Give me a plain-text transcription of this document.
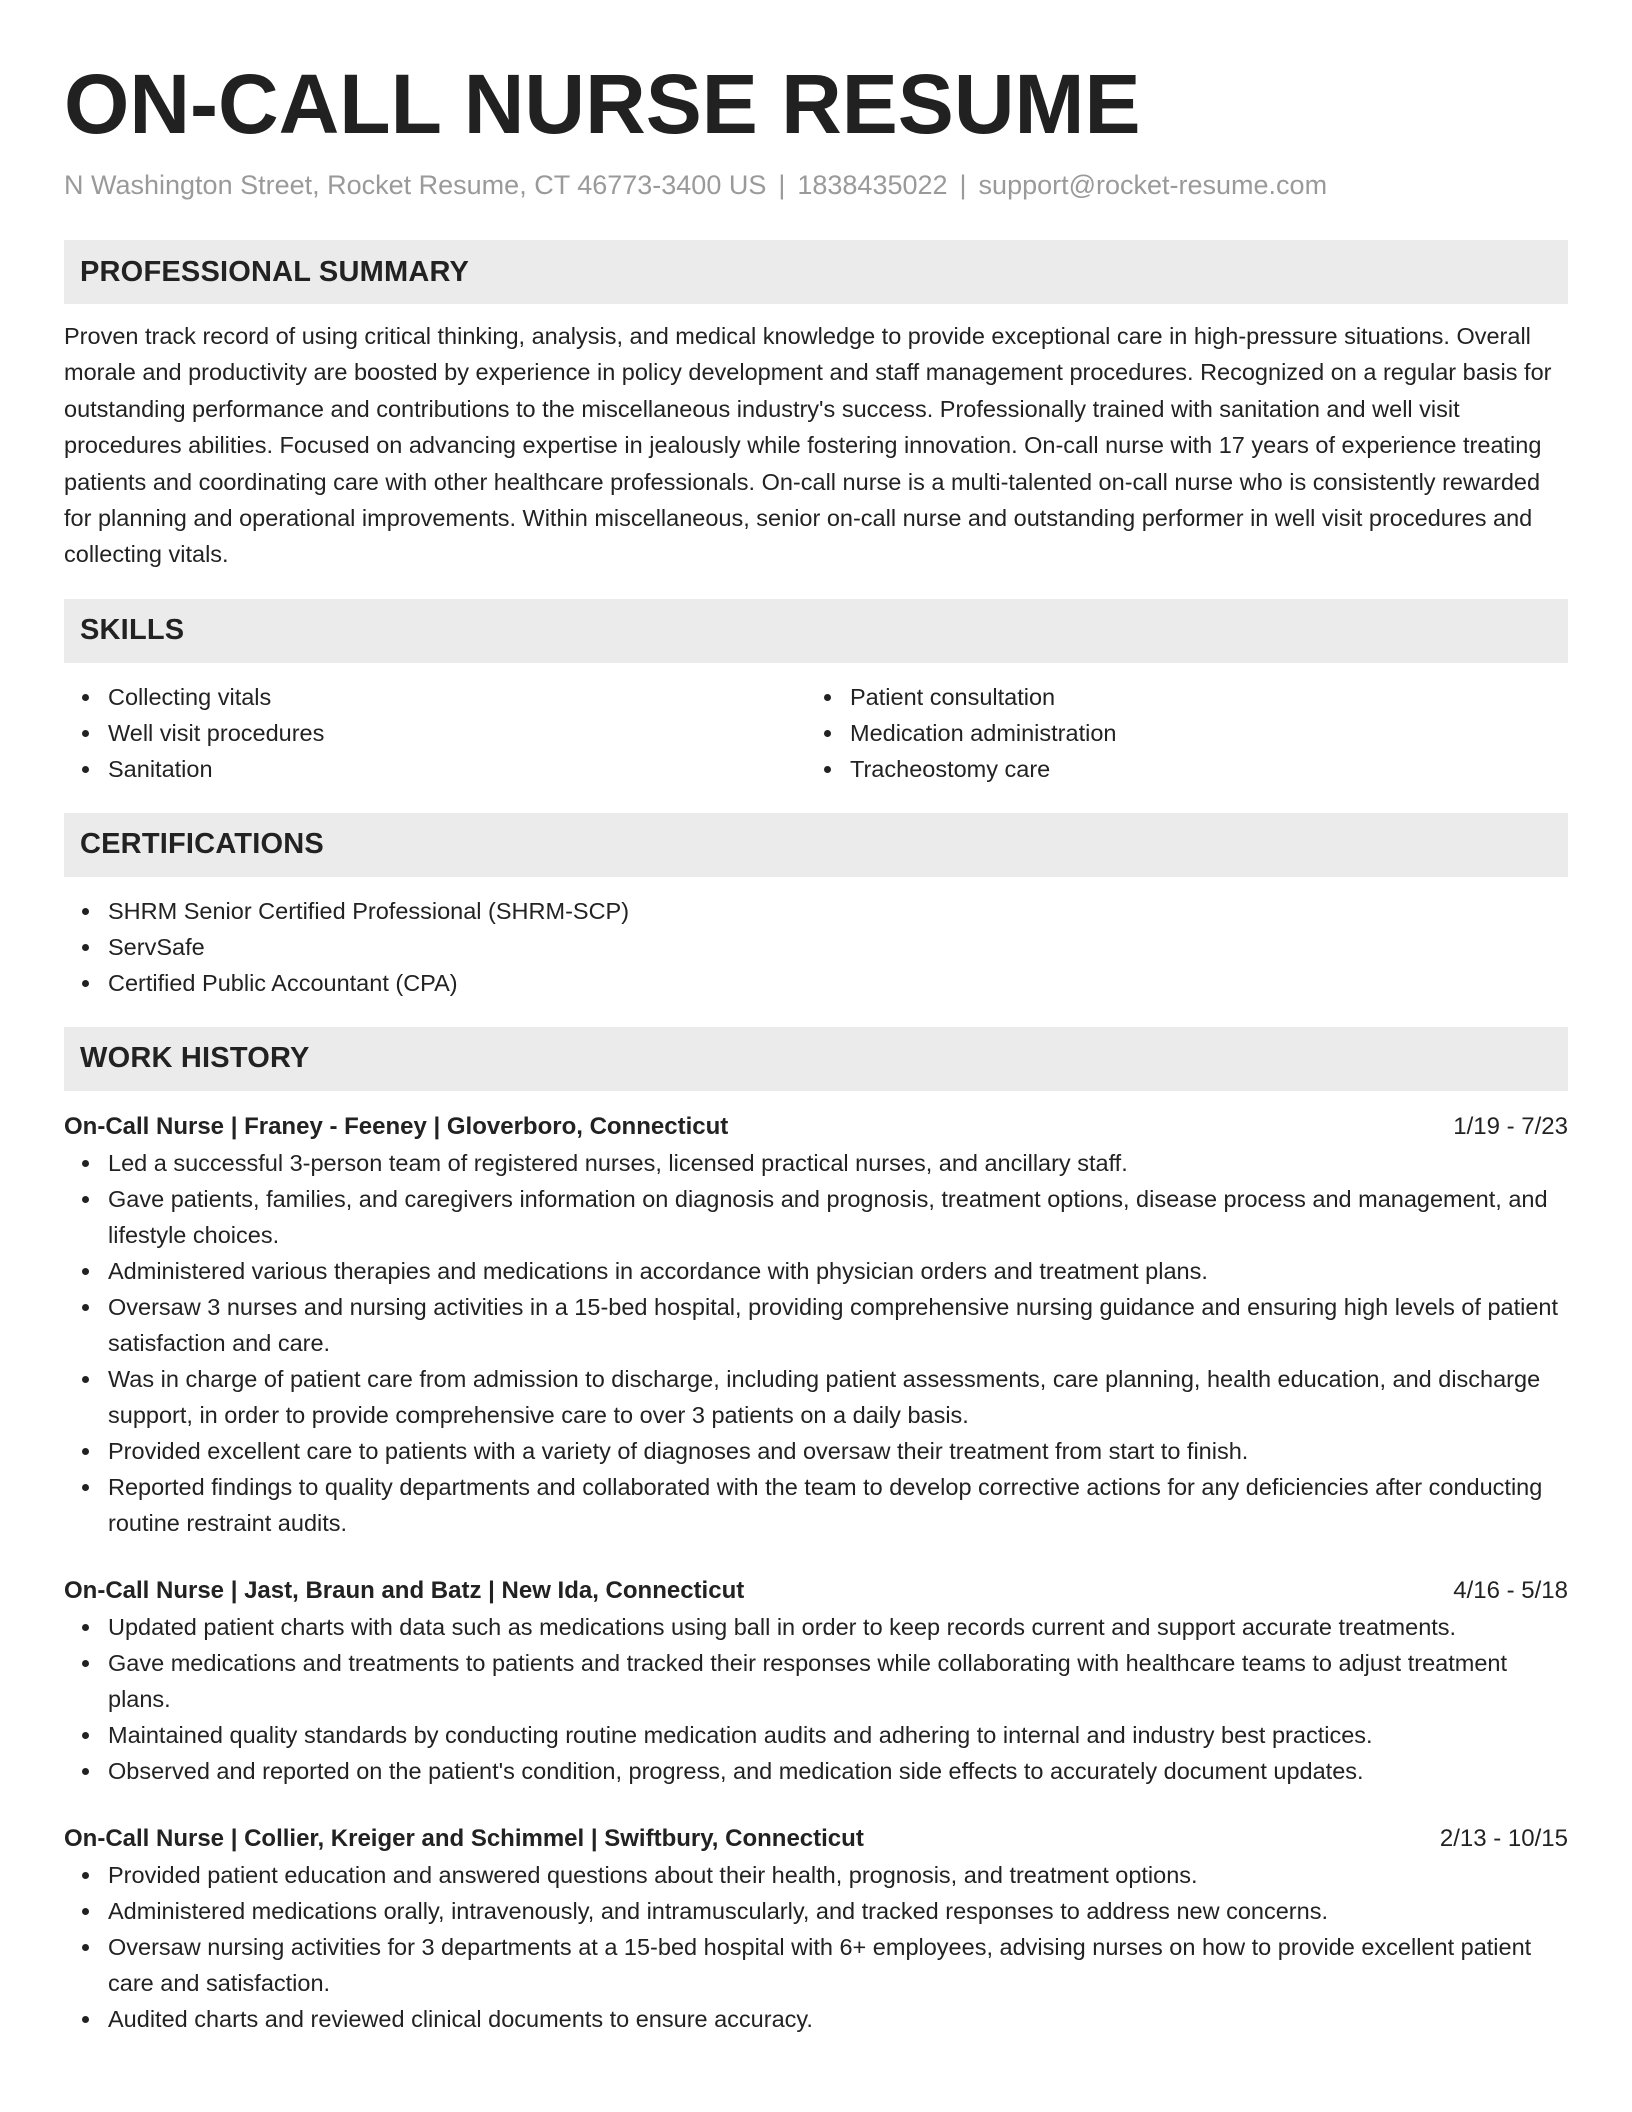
ON-CALL NURSE RESUME
N Washington Street, Rocket Resume, CT 46773-3400 US | 1838435022 | support@rocket-resume.com
PROFESSIONAL SUMMARY

Proven track record of using critical thinking, analysis, and medical knowledge to provide exceptional care in high-pressure situations. Overall morale and productivity are boosted by experience in policy development and staff management procedures. Recognized on a regular basis for outstanding performance and contributions to the miscellaneous industry's success. Professionally trained with sanitation and well visit procedures abilities. Focused on advancing expertise in jealously while fostering innovation. On-call nurse with 17 years of experience treating patients and coordinating care with other healthcare professionals. On-call nurse is a multi-talented on-call nurse who is consistently rewarded for planning and operational improvements. Within miscellaneous, senior on-call nurse and outstanding performer in well visit procedures and collecting vitals.

SKILLS
Collecting vitals
Well visit procedures
Sanitation
Patient consultation
Medication administration
Tracheostomy care
CERTIFICATIONS
SHRM Senior Certified Professional (SHRM-SCP)
ServSafe
Certified Public Accountant (CPA)
WORK HISTORY
On-Call Nurse | Franey - Feeney | Gloverboro, Connecticut	1/19 - 7/23
Led a successful 3-person team of registered nurses, licensed practical nurses, and ancillary staff.
Gave patients, families, and caregivers information on diagnosis and prognosis, treatment options, disease process and management, and lifestyle choices.
Administered various therapies and medications in accordance with physician orders and treatment plans.
Oversaw 3 nurses and nursing activities in a 15-bed hospital, providing comprehensive nursing guidance and ensuring high levels of patient satisfaction and care.
Was in charge of patient care from admission to discharge, including patient assessments, care planning, health education, and discharge support, in order to provide comprehensive care to over 3 patients on a daily basis.
Provided excellent care to patients with a variety of diagnoses and oversaw their treatment from start to finish.
Reported findings to quality departments and collaborated with the team to develop corrective actions for any deficiencies after conducting routine restraint audits.
On-Call Nurse | Jast, Braun and Batz | New Ida, Connecticut	4/16 - 5/18
Updated patient charts with data such as medications using ball in order to keep records current and support accurate treatments.
Gave medications and treatments to patients and tracked their responses while collaborating with healthcare teams to adjust treatment plans.
Maintained quality standards by conducting routine medication audits and adhering to internal and industry best practices.
Observed and reported on the patient's condition, progress, and medication side effects to accurately document updates.
On-Call Nurse | Collier, Kreiger and Schimmel | Swiftbury, Connecticut	2/13 - 10/15
Provided patient education and answered questions about their health, prognosis, and treatment options.
Administered medications orally, intravenously, and intramuscularly, and tracked responses to address new concerns.
Oversaw nursing activities for 3 departments at a 15-bed hospital with 6+ employees, advising nurses on how to provide excellent patient care and satisfaction.
Audited charts and reviewed clinical documents to ensure accuracy.
